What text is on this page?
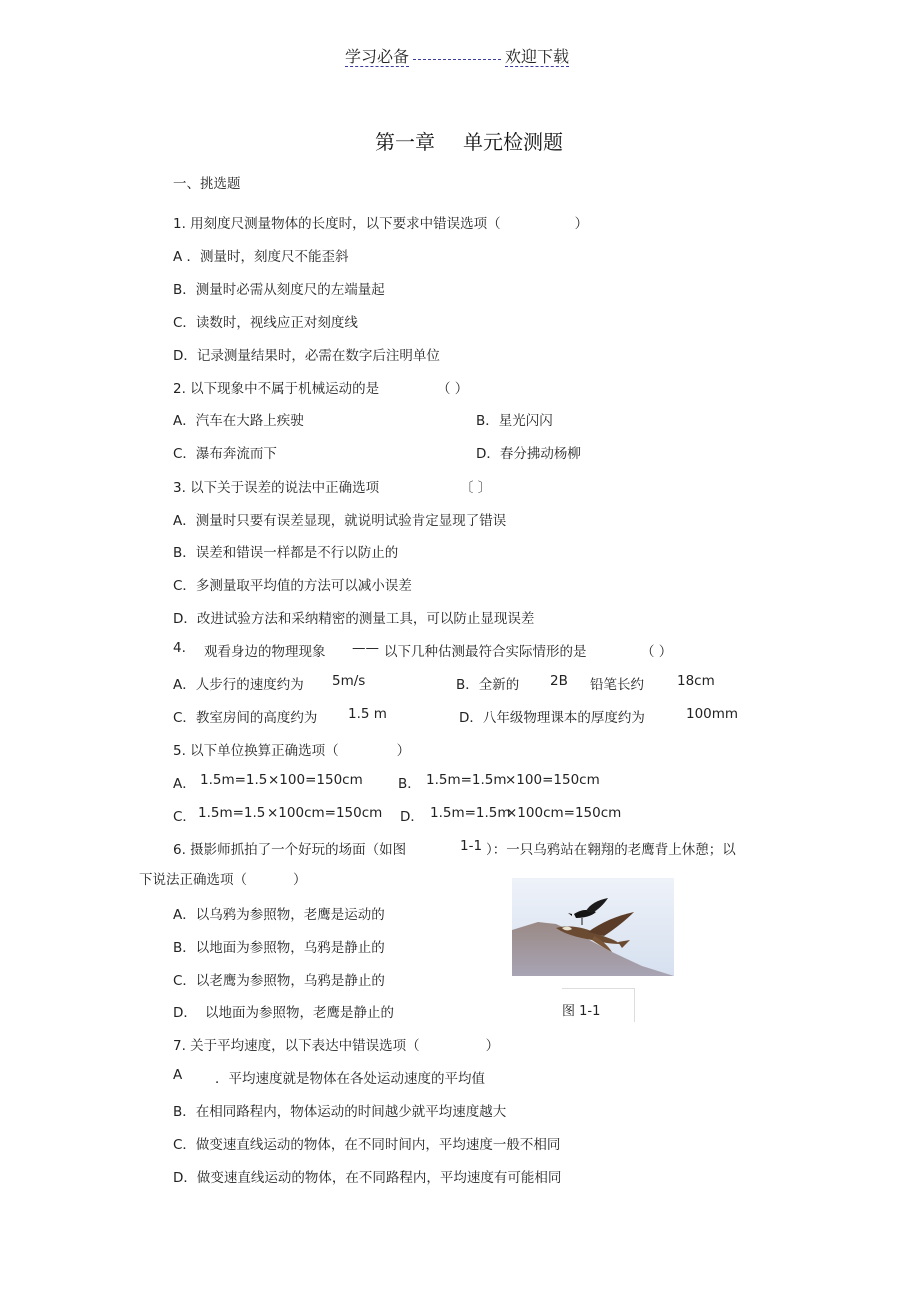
学习必备	欢迎下载
第一章 单元检测题
一、挑选题
1. 用刻度尺测量物体的长度时，以下要求中错误选项（	）
A ．测量时，刻度尺不能歪斜
B．测量时必需从刻度尺的左端量起
C．读数时，视线应正对刻度线
D．记录测量结果时，必需在数字后注明单位
2. 以下现象中不属于机械运动的是	（ ）
A．汽车在大路上疾驶	B．星光闪闪
C．瀑布奔流而下	D．春分拂动杨柳
3. 以下关于误差的说法中正确选项	〔 〕
A．测量时只要有误差显现，就说明试验肯定显现了错误
B．误差和错误一样都是不行以防止的
C．多测量取平均值的方法可以减小误差
D．改进试验方法和采纳精密的测量工具，可以防止显现误差
4. 观看身边的物理现象 —— 以下几种估测最符合实际情形的是	（ ）
A．人步行的速度约为 5m/s	B．全新的 2B 铅笔长约 18cm
C．教室房间的高度约为 1.5 m	D．八年级物理课本的厚度约为	100mm
5. 以下单位换算正确选项（	）
A． 1.5m=1.5 ×100=150cm	B． 1.5m=1.5m
×100=150cm
C． 1.5m=1.5 ×100cm=150cm D． 1.5m=1.5m
×100cm=150cm
6. 摄影师抓拍了一个好玩的场面（如图	1-1 ）：一只乌鸦站在翱翔的老鹰背上休憩；以
下说法正确选项（	）
A．以乌鸦为参照物，老鹰是运动的
B．以地面为参照物，乌鸦是静止的
C．以老鹰为参照物，乌鸦是静止的
D． 以地面为参照物，老鹰是静止的	图 1-1
7. 关于平均速度，以下表达中错误选项（	）
A ．平均速度就是物体在各处运动速度的平均值
B．在相同路程内，物体运动的时间越少就平均速度越大
C．做变速直线运动的物体，在不同时间内，平均速度一般不相同
D．做变速直线运动的物体，在不同路程内，平均速度有可能相同
